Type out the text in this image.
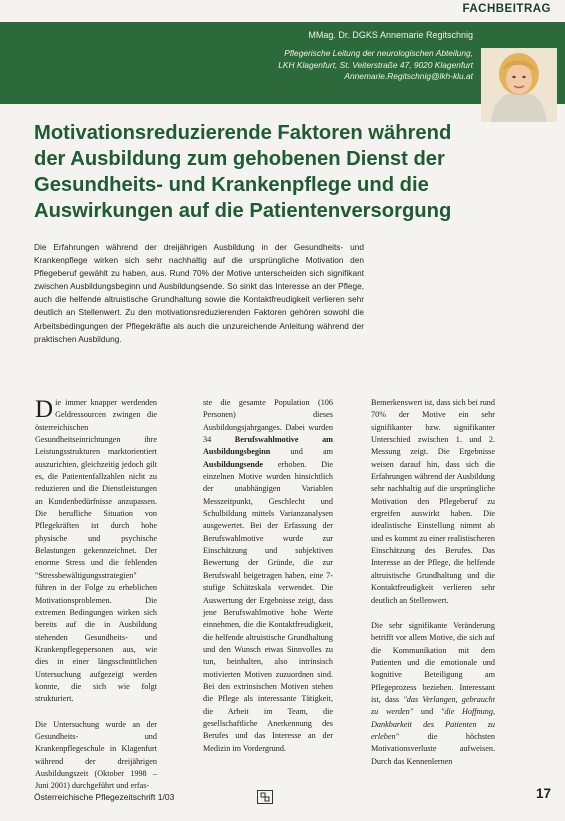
FACHBEITRAG
MMag. Dr. DGKS Annemarie Regitschnig
Pflegerische Leitung der neurologischen Abteilung,
LKH Klagenfurt, St. Veiterstraße 47, 9020 Klagenfurt
Annemarie.Regitschnig@lkh-klu.at
Motivationsreduzierende Faktoren während
der Ausbildung zum gehobenen Dienst der
Gesundheits- und Krankenpflege und die
Auswirkungen auf die Patientenversorgung

Die Erfahrungen während der dreijährigen Ausbildung in der Gesundheits- und Krankenpflege wirken sich sehr nachhaltig auf die ursprüngliche Motivation den Pflegeberuf gewählt zu haben, aus. Rund 70% der Motive unterscheiden sich signifikant zwischen Ausbildungsbeginn und Ausbildungsende. So sinkt das Interesse an der Pflege, auch die helfende altruistische Grundhaltung sowie die Kontaktfreudigkeit verlieren sehr deutlich an Stellenwert. Zu den motivationsreduzierenden Faktoren gehören sowohl die Arbeitsbedingungen der Pflegekräfte als auch die unzureichende Anleitung während der praktischen Ausbildung.

Die immer knapper werdenden Geldressourcen zwingen die österreichischen Gesundheitseinrichtungen ihre Leistungsstrukturen marktorientiert auszurichten, gleichzeitig jedoch gilt es, die Patientenfallzahlen nicht zu reduzieren und die Dienstleistungen an Kundenbedürfnisse anzupassen. Die berufliche Situation von Pflegekräften ist durch hohe physische und psychische Belastungen gekennzeichnet. Der enorme Stress und die fehlenden "Stressbewältigungsstrategien" führen in der Folge zu erheblichen Motivationsproblemen. Die extremen Bedingungen wirken sich bereits auf die in Ausbildung stehenden Gesundheits- und Krankenpflegepersonen aus, wie dies in einer längsschnittlichen Untersuchung aufgezeigt werden konnte, die sich wie folgt strukturiert.

Die Untersuchung wurde an der Gesundheits- und Krankenpflegeschule in Klagenfurt während der dreijährigen Ausbildungszeit (Oktober 1998 – Juni 2001) durchgeführt und erfas-

ste die gesamte Population (106 Personen) dieses Ausbildungsjahrganges. Dabei wurden 34 Berufswahlmotive am Ausbildungsbeginn und am Ausbildungsende erhoben. Die einzelnen Motive wurden hinsichtlich der unabhängigen Variablen Messzeitpunkt, Geschlecht und Schulbildung mittels Varianzanalysen ausgewertet. Bei der Erfassung der Berufswahlmotive wurde zur Einschätzung und subjektiven Bewertung der Gründe, die zur Berufswahl beigetragen haben, eine 7-stufige Schätzskala verwendet. Die Auswertung der Ergebnisse zeigt, dass jene Berufswahlmotive hohe Werte einnehmen, die die Kontaktfreudigkeit, die helfende altruistische Grundhaltung und den Wunsch etwas Sinnvolles zu tun, beinhalten, also intrinsisch motivierten Motiven zuzuordnen sind. Bei den extrinsischen Motiven stehen die Pflege als interessante Tätigkeit, die Arbeit im Team, die gesellschaftliche Anerkennung des Berufes und das Interesse an der Medizin im Vordergrund.

Bemerkenswert ist, dass sich bei rund 70% der Motive ein sehr signifikanter bzw. signifikanter Unterschied zwischen 1. und 2. Messung zeigt. Die Ergebnisse weisen darauf hin, dass sich die Erfahrungen während der Ausbildung sehr nachhaltig auf die ursprüngliche Motivation den Pflegeberuf zu ergreifen auswirkt haben. Die idealistische Einstellung nimmt ab und es kommt zu einer realistischeren Einschätzung des Berufes. Das Interesse an der Pflege, die helfende altruistische Grundhaltung und die Kontaktfreudigkeit verlieren sehr deutlich an Stellenwert.

Die sehr signifikante Veränderung betrifft vor allem Motive, die sich auf die Kommunikation mit dem Patienten und die emotionale und kognitive Beteiligung am Pflegeprozess beziehen. Interessant ist, dass "das Verlangen, gebraucht zu werden" und "die Hoffnung, Dankbarkeit des Patienten zu erleben" die höchsten Motivationsverluste aufweisen. Durch das Kennenlernen

Österreichische Pflegezeitschrift 1/03	17
